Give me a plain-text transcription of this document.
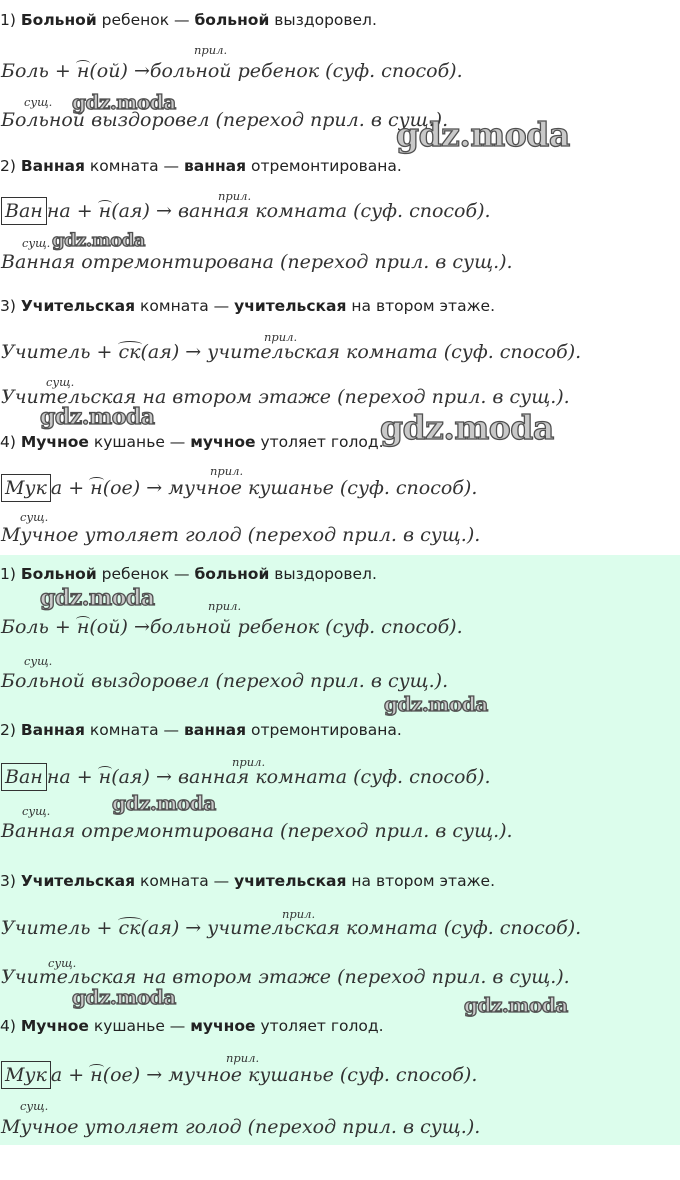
1) Больной ребенок — больной выздоровел.
прил.
Боль + н(ой) →больной ребенок (суф. способ).
сущ.
Больной выздоровел (переход прил. в сущ.).
2) Ванная комната — ванная отремонтирована.
прил.
Ван на + н(ая) → ванная комната (суф. способ).
сущ.
Ванная отремонтирована (переход прил. в сущ.).
3) Учительская комната — учительская на втором этаже.
прил.
Учитель + ск(ая) → учительская комната (суф. способ).
сущ.
Учительская на втором этаже (переход прил. в сущ.).
4) Мучное кушанье — мучное утоляет голод.
прил.
Мук а + н(ое) → мучное кушанье (суф. способ).
сущ.
Мучное утоляет голод (переход прил. в сущ.).
gdz.moda
gdz.moda
gdz.moda
gdz.moda	gdz.moda
1) Больной ребенок — больной выздоровел.
прил.
Боль + н(ой) →больной ребенок (суф. способ).
сущ.
Больной выздоровел (переход прил. в сущ.).
2) Ванная комната — ванная отремонтирована.
прил.
Ван на + н(ая) → ванная комната (суф. способ).
сущ.
Ванная отремонтирована (переход прил. в сущ.).
3) Учительская комната — учительская на втором этаже.
прил.
Учитель + ск(ая) → учительская комната (суф. способ).
сущ.
Учительская на втором этаже (переход прил. в сущ.).
4) Мучное кушанье — мучное утоляет голод.
прил.
Мук а + н(ое) → мучное кушанье (суф. способ).
сущ.
Мучное утоляет голод (переход прил. в сущ.).
gdz.moda
gdz.moda
gdz.moda
gdz.moda	gdz.moda
